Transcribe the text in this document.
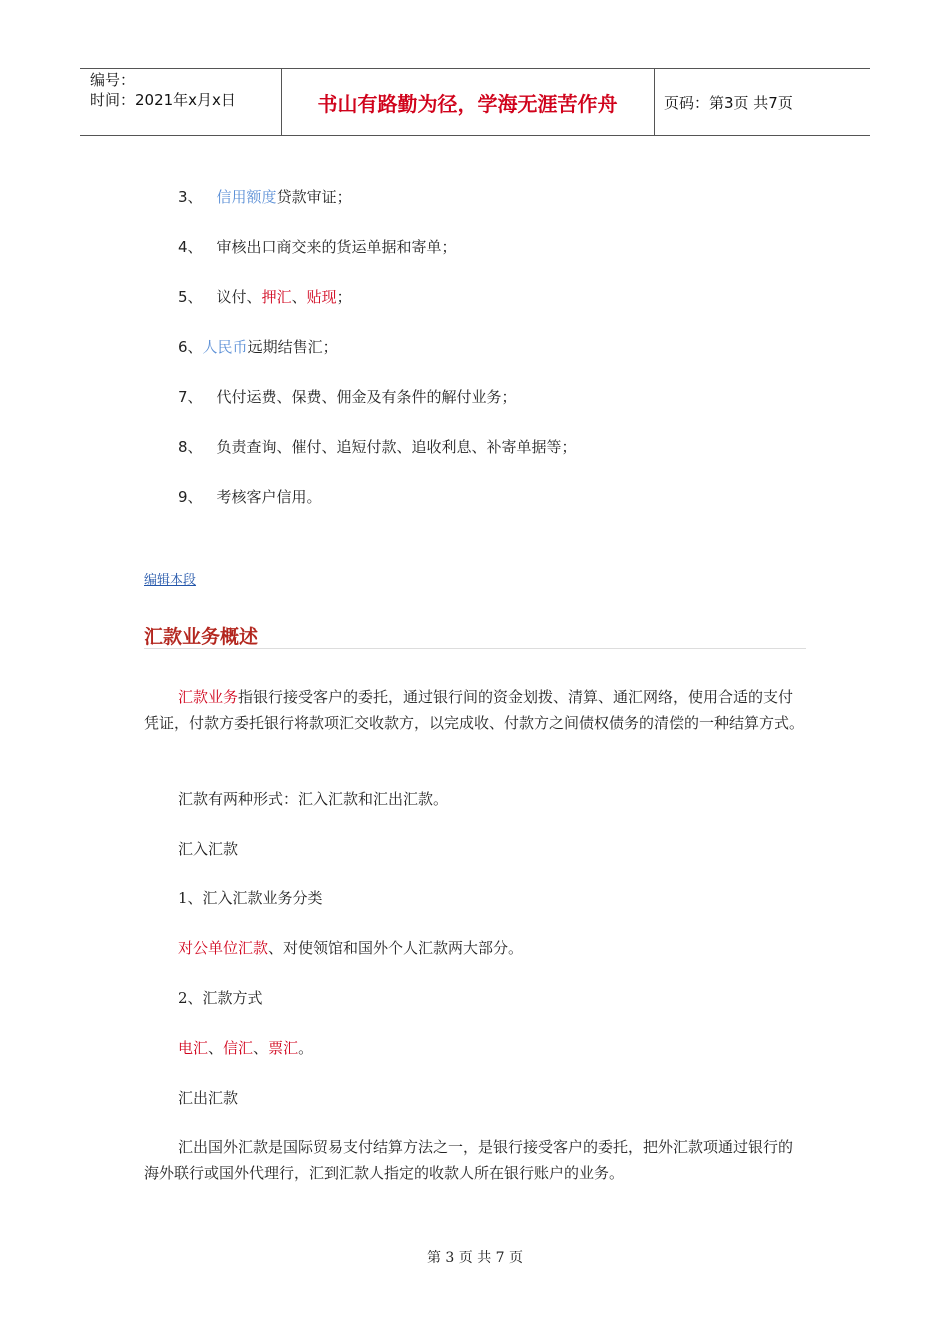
编号：
时间：2021年x月x日	书山有路勤为径，学海无涯苦作舟	页码：第3页 共7页
3、 信用额度贷款审证；
4、 审核出口商交来的货运单据和寄单；
5、 议付、押汇、贴现；
6、人民币远期结售汇；
7、 代付运费、保费、佣金及有条件的解付业务；
8、 负责查询、催付、追短付款、追收利息、补寄单据等；
9、 考核客户信用。
编辑本段
汇款业务概述
汇款业务指银行接受客户的委托，通过银行间的资金划拨、清算、通汇网络，使用合适的支付凭证，付款方委托银行将款项汇交收款方，以完成收、付款方之间债权债务的清偿的一种结算方式。
汇款有两种形式：汇入汇款和汇出汇款。
汇入汇款
1、汇入汇款业务分类
对公单位汇款、对使领馆和国外个人汇款两大部分。
2、汇款方式
电汇、信汇、票汇。
汇出汇款
汇出国外汇款是国际贸易支付结算方法之一，是银行接受客户的委托，把外汇款项通过银行的海外联行或国外代理行，汇到汇款人指定的收款人所在银行账户的业务。
第 3 页 共 7 页
